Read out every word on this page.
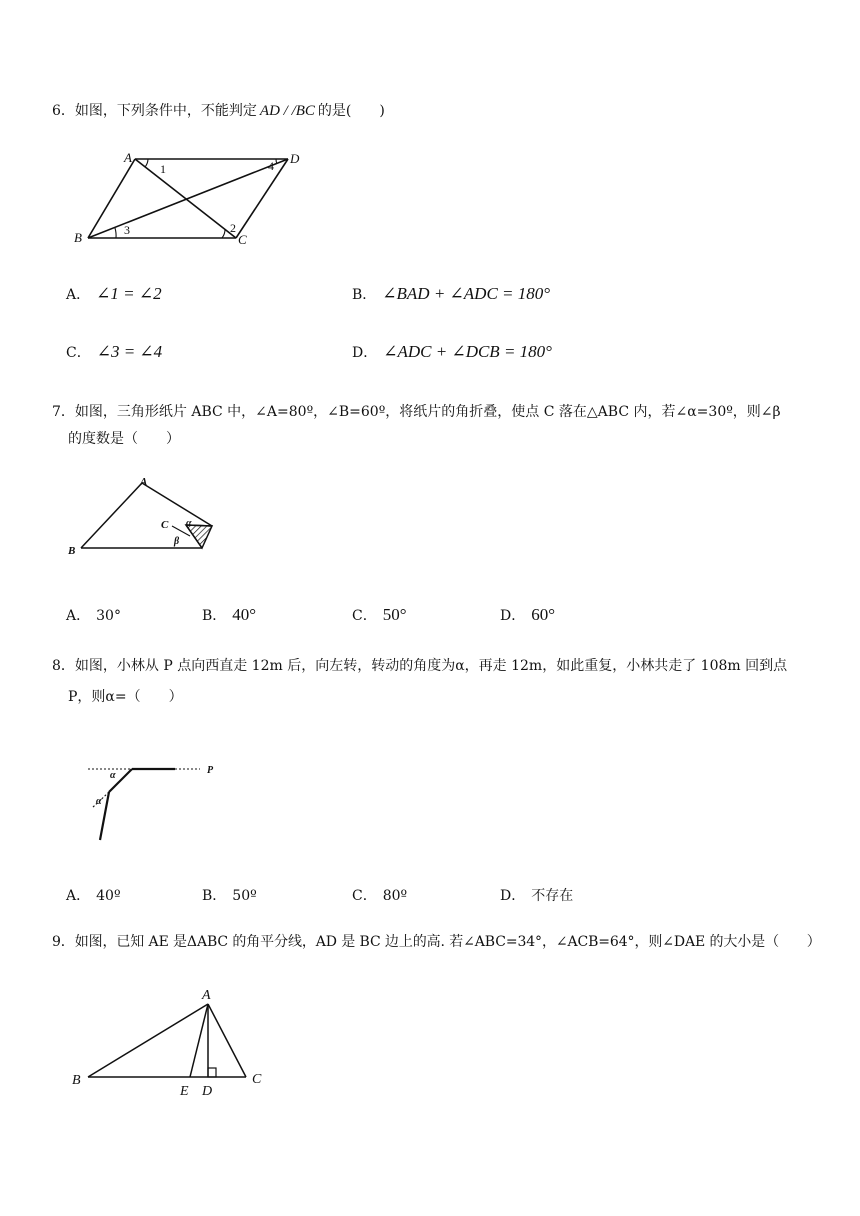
6．如图，下列条件中，不能判定 AD / /BC 的是(　　)
A
B	C
D
1
2
3
4
A． ∠1 = ∠2	B． ∠BAD + ∠ADC = 180°
C． ∠3 = ∠4	D． ∠ADC + ∠DCB = 180°
7．如图，三角形纸片 ABC 中，∠A=80º，∠B=60º，将纸片的角折叠，使点 C 落在△ABC 内，若∠α=30º，则∠β
的度数是（　　）
A
B
C α
β
A． 30°	B． 40°	C． 50°	D． 60°
8．如图，小林从 P 点向西直走 12m 后，向左转，转动的角度为α，再走 12m，如此重复，小林共走了 108m 回到点
P，则α=（　　）
P
α
α
A． 40º	B． 50º	C． 80º	D． 不存在
9．如图，已知 AE 是ΔABC 的角平分线，AD 是 BC 边上的高. 若∠ABC=34°，∠ACB=64°，则∠DAE 的大小是（　　）
A
B	C
D
E
